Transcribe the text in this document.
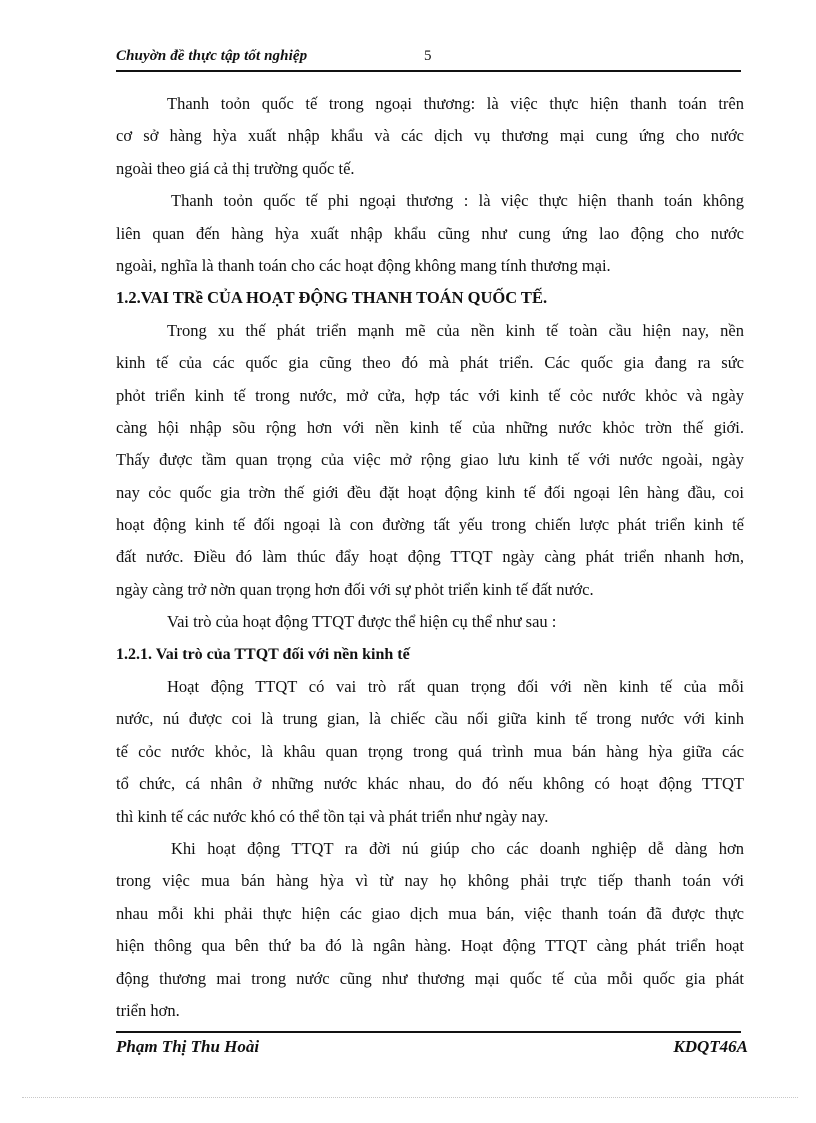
Chuyờn đề thực tập tốt nghiệp	5
Thanh toỏn quốc tế trong ngoại thương: là việc thực hiện thanh toán trên
cơ sở hàng hỳa xuất nhập khẩu và các dịch vụ thương mại cung ứng cho nước
ngoài theo giá cả thị trường quốc tế.
Thanh toỏn quốc tế phi ngoại thương : là việc thực hiện thanh toán không
liên quan đến hàng hỳa xuất nhập khẩu cũng như cung ứng lao động cho nước
ngoài, nghĩa là thanh toán cho các hoạt động không mang tính thương mại.
1.2.VAI TRề CỦA HOẠT ĐỘNG THANH TOÁN QUỐC TẾ.
Trong xu thế phát triển mạnh mẽ của nền kinh tế toàn cầu hiện nay, nền
kinh tế của các quốc gia cũng theo đó mà phát triển. Các quốc gia đang ra sức
phỏt triển kinh tế trong nước, mở cửa, hợp tác với kinh tế cỏc nước khỏc và ngày
càng hội nhập sõu rộng hơn với nền kinh tế của những nước khỏc trờn thế giới.
Thấy được tầm quan trọng của việc mở rộng giao lưu kinh tế với nước ngoài, ngày
nay cỏc quốc gia trờn thế giới đều đặt hoạt động kinh tế đối ngoại lên hàng đầu, coi
hoạt động kinh tế đối ngoại là con đường tất yếu trong chiến lược phát triển kinh tế
đất nước. Điều đó làm thúc đẩy hoạt động TTQT ngày càng phát triển nhanh hơn,
ngày càng trở nờn quan trọng hơn đối với sự phỏt triển kinh tế đất nước.
Vai trò của hoạt động TTQT được thể hiện cụ thể như sau :
1.2.1. Vai trò của TTQT đối với nền kinh tế
Hoạt động TTQT có vai trò rất quan trọng đối với nền kinh tế của mỗi
nước, nú được coi là trung gian, là chiếc cầu nối giữa kinh tế trong nước với kinh
tế cỏc nước khỏc, là khâu quan trọng trong quá trình mua bán hàng hỳa giữa các
tổ chức, cá nhân ở những nước khác nhau, do đó nếu không có hoạt động TTQT
thì kinh tế các nước khó có thể tồn tại và phát triển như ngày nay.
Khi hoạt động TTQT ra đời nú giúp cho các doanh nghiệp dễ dàng hơn
trong việc mua bán hàng hỳa vì từ nay họ không phải trực tiếp thanh toán với
nhau mỗi khi phải thực hiện các giao dịch mua bán, việc thanh toán đã được thực
hiện thông qua bên thứ ba đó là ngân hàng. Hoạt động TTQT càng phát triển hoạt
động thương mai trong nước cũng như thương mại quốc tế của mỗi quốc gia phát
triển hơn.
Phạm Thị Thu Hoài	KDQT46A
